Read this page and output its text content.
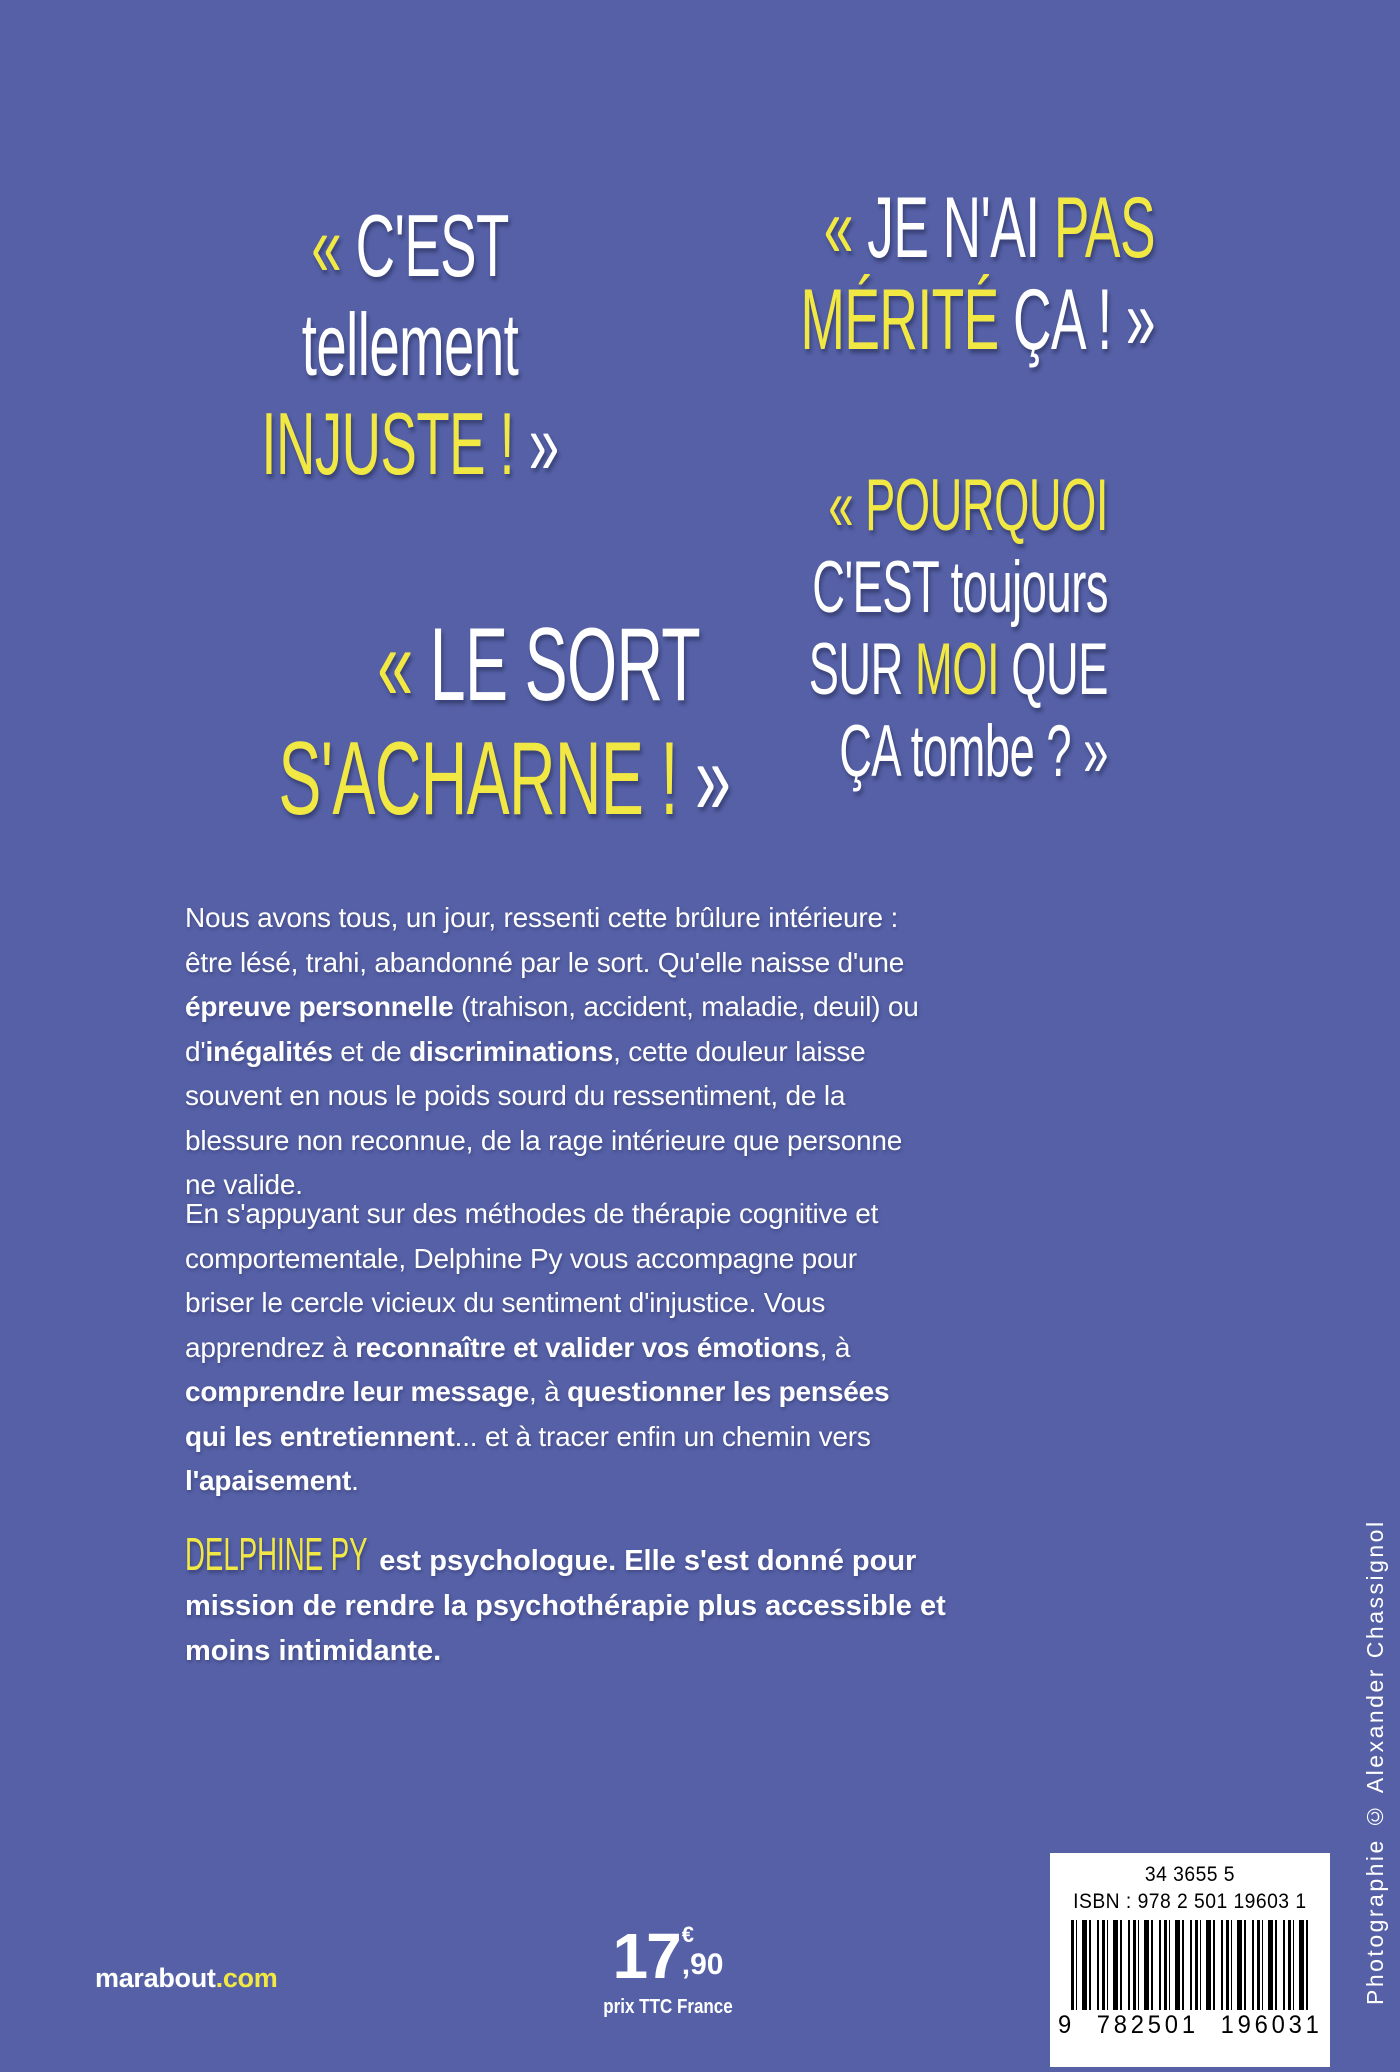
« C'EST
tellement
INJUSTE ! »
« JE N'AI PAS
MÉRITÉ ÇA ! »
« LE SORT
S'ACHARNE ! »
« POURQUOI
C'EST toujours
SUR MOI QUE
ÇA tombe ? »

Nous avons tous, un jour, ressenti cette brûlure intérieure : être lésé, trahi, abandonné par le sort. Qu'elle naisse d'une épreuve personnelle (trahison, accident, maladie, deuil) ou d'inégalités et de discriminations, cette douleur laisse souvent en nous le poids sourd du ressentiment, de la blessure non reconnue, de la rage intérieure que personne ne valide.

En s'appuyant sur des méthodes de thérapie cognitive et comportementale, Delphine Py vous accompagne pour briser le cercle vicieux du sentiment d'injustice. Vous apprendrez à reconnaître et valider vos émotions, à comprendre leur message, à questionner les pensées qui les entretiennent... et à tracer enfin un chemin vers l'apaisement.

DELPHINE PY est psychologue. Elle s'est donné pour mission de rendre la psychothérapie plus accessible et moins intimidante.

marabout.com	17 €
,90
prix TTC France
34 3655 5
ISBN : 978 2 501 19603 1
9 782501 196031
Photographie © Alexander Chassignol
